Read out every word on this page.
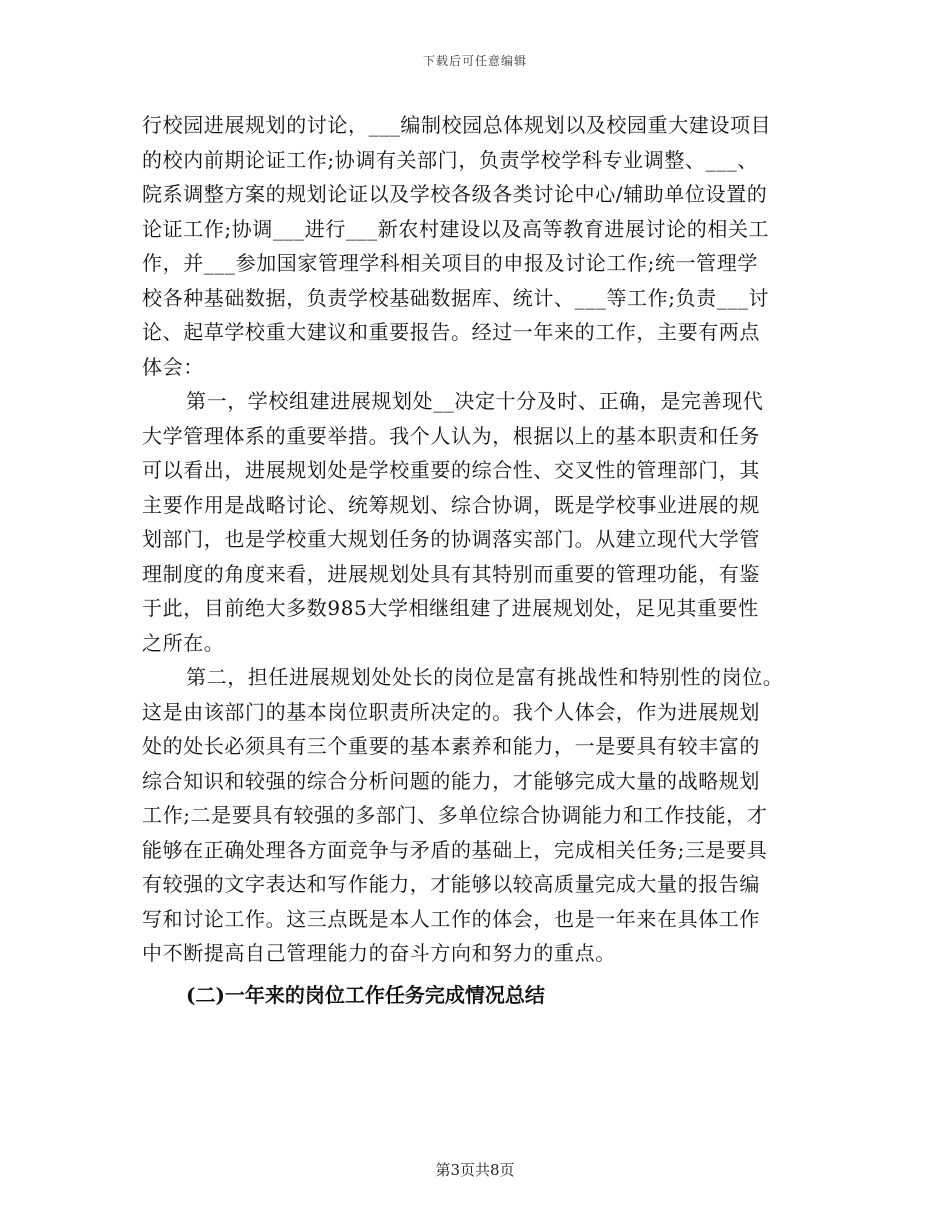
下载后可任意编辑
行校园进展规划的讨论，___编制校园总体规划以及校园重大建设项目
的校内前期论证工作;协调有关部门，负责学校学科专业调整、___、
院系调整方案的规划论证以及学校各级各类讨论中心/辅助单位设置的
论证工作;协调___进行___新农村建设以及高等教育进展讨论的相关工
作，并___参加国家管理学科相关项目的申报及讨论工作;统一管理学
校各种基础数据，负责学校基础数据库、统计、___等工作;负责___讨
论、起草学校重大建议和重要报告。经过一年来的工作，主要有两点
体会：
第一，学校组建进展规划处__决定十分及时、正确，是完善现代
大学管理体系的重要举措。我个人认为，根据以上的基本职责和任务
可以看出，进展规划处是学校重要的综合性、交叉性的管理部门，其
主要作用是战略讨论、统筹规划、综合协调，既是学校事业进展的规
划部门，也是学校重大规划任务的协调落实部门。从建立现代大学管
理制度的角度来看，进展规划处具有其特别而重要的管理功能，有鉴
于此，目前绝大多数985大学相继组建了进展规划处，足见其重要性
之所在。
第二，担任进展规划处处长的岗位是富有挑战性和特别性的岗位。
这是由该部门的基本岗位职责所决定的。我个人体会，作为进展规划
处的处长必须具有三个重要的基本素养和能力，一是要具有较丰富的
综合知识和较强的综合分析问题的能力，才能够完成大量的战略规划
工作;二是要具有较强的多部门、多单位综合协调能力和工作技能，才
能够在正确处理各方面竞争与矛盾的基础上，完成相关任务;三是要具
有较强的文字表达和写作能力，才能够以较高质量完成大量的报告编
写和讨论工作。这三点既是本人工作的体会，也是一年来在具体工作
中不断提高自己管理能力的奋斗方向和努力的重点。
(二)一年来的岗位工作任务完成情况总结
第3页共8页
